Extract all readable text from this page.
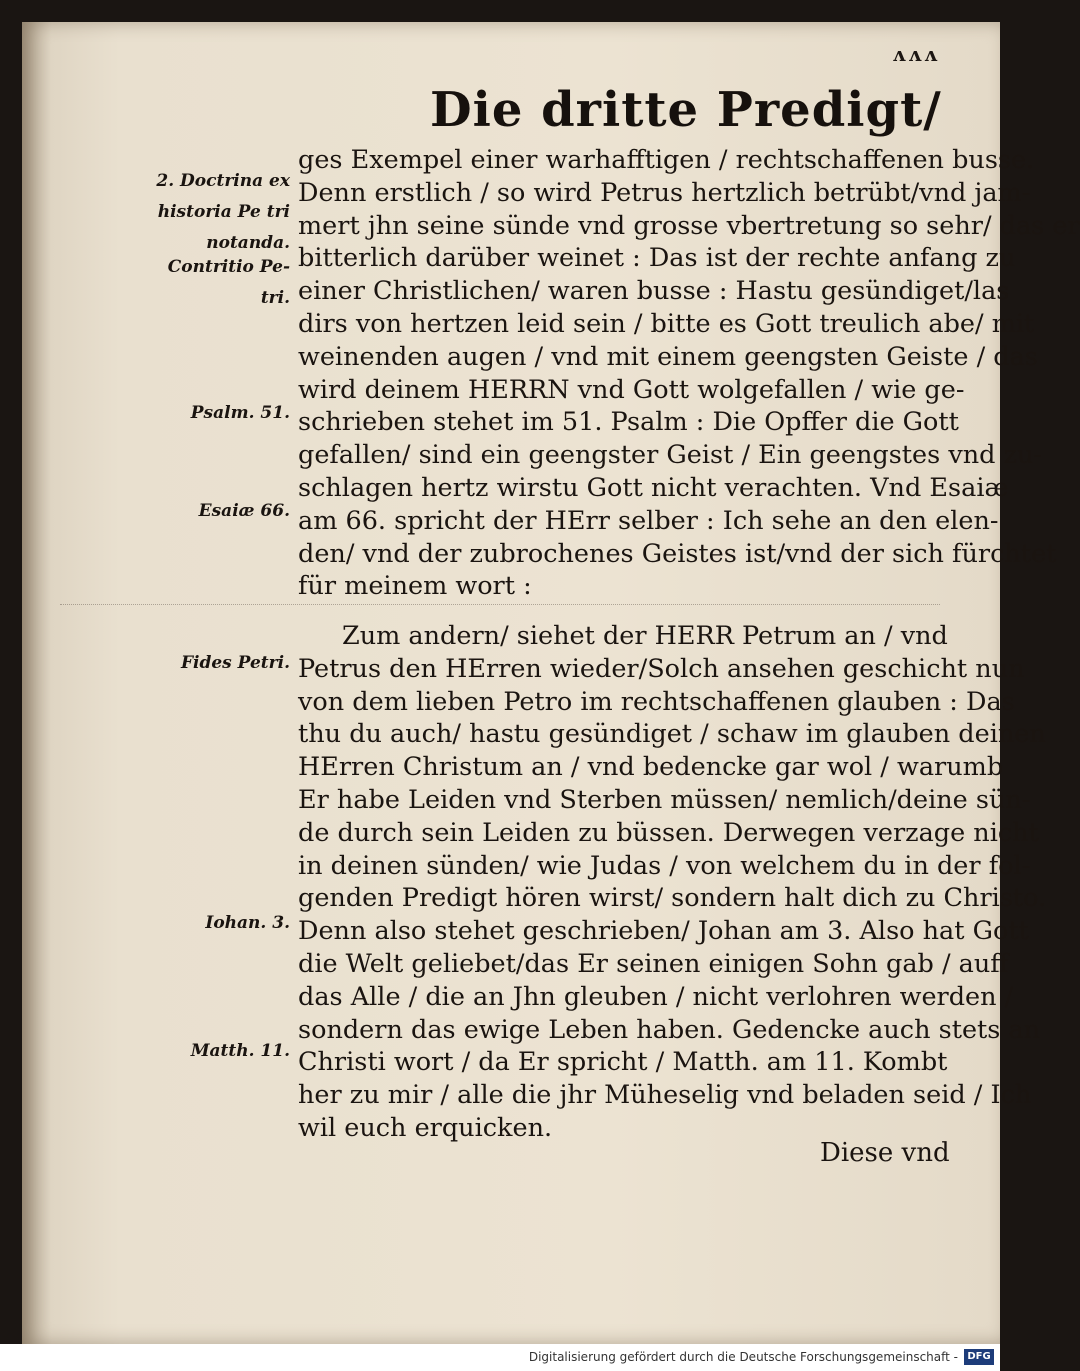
ʌʌʌ
Die dritte Predigt/
2. Doctrina ex historia Pe tri notanda.
Contritio Pe- tri.
Psalm. 51.
Esaiæ 66.
Fides Petri.
Iohan. 3.
Matth. 11.
ges Exempel einer warhafftigen / rechtschaffenen busse.
Denn erstlich / so wird Petrus hertzlich betrübt/vnd jam-
mert jhn seine sünde vnd grosse vbertretung so sehr/ das er
bitterlich darüber weinet : Das ist der rechte anfang zu
einer Christlichen/ waren busse : Hastu gesündiget/las
dirs von hertzen leid sein / bitte es Gott treulich abe/ mit
weinenden augen / vnd mit einem geengsten Geiste / das
wird deinem HERRN vnd Gott wolgefallen / wie ge-
schrieben stehet im 51. Psalm : Die Opffer die Gott
gefallen/ sind ein geengster Geist / Ein geengstes vnd zu-
schlagen hertz wirstu Gott nicht verachten. Vnd Esaiæ
am 66. spricht der HErr selber : Ich sehe an den elen-
den/ vnd der zubrochenes Geistes ist/vnd der sich fürchtet
für meinem wort :
Zum andern/ siehet der HERR Petrum an / vnd
Petrus den HErren wieder/Solch ansehen geschicht nun
von dem lieben Petro im rechtschaffenen glauben : Das
thu du auch/ hastu gesündiget / schaw im glauben deinen
HErren Christum an / vnd bedencke gar wol / warumb
Er habe Leiden vnd Sterben müssen/ nemlich/deine sün-
de durch sein Leiden zu büssen. Derwegen verzage nicht
in deinen sünden/ wie Judas / von welchem du in der fol-
genden Predigt hören wirst/ sondern halt dich zu Christo.
Denn also stehet geschrieben/ Johan am 3. Also hat Gott
die Welt geliebet/das Er seinen einigen Sohn gab / auff
das Alle / die an Jhn gleuben / nicht verlohren werden /
sondern das ewige Leben haben. Gedencke auch stets an
Christi wort / da Er spricht / Matth. am 11. Kombt
her zu mir / alle die jhr Müheselig vnd beladen seid / Ich
wil euch erquicken.
Diese vnd
Digitalisierung gefördert durch die Deutsche Forschungsgemeinschaft - DFG
